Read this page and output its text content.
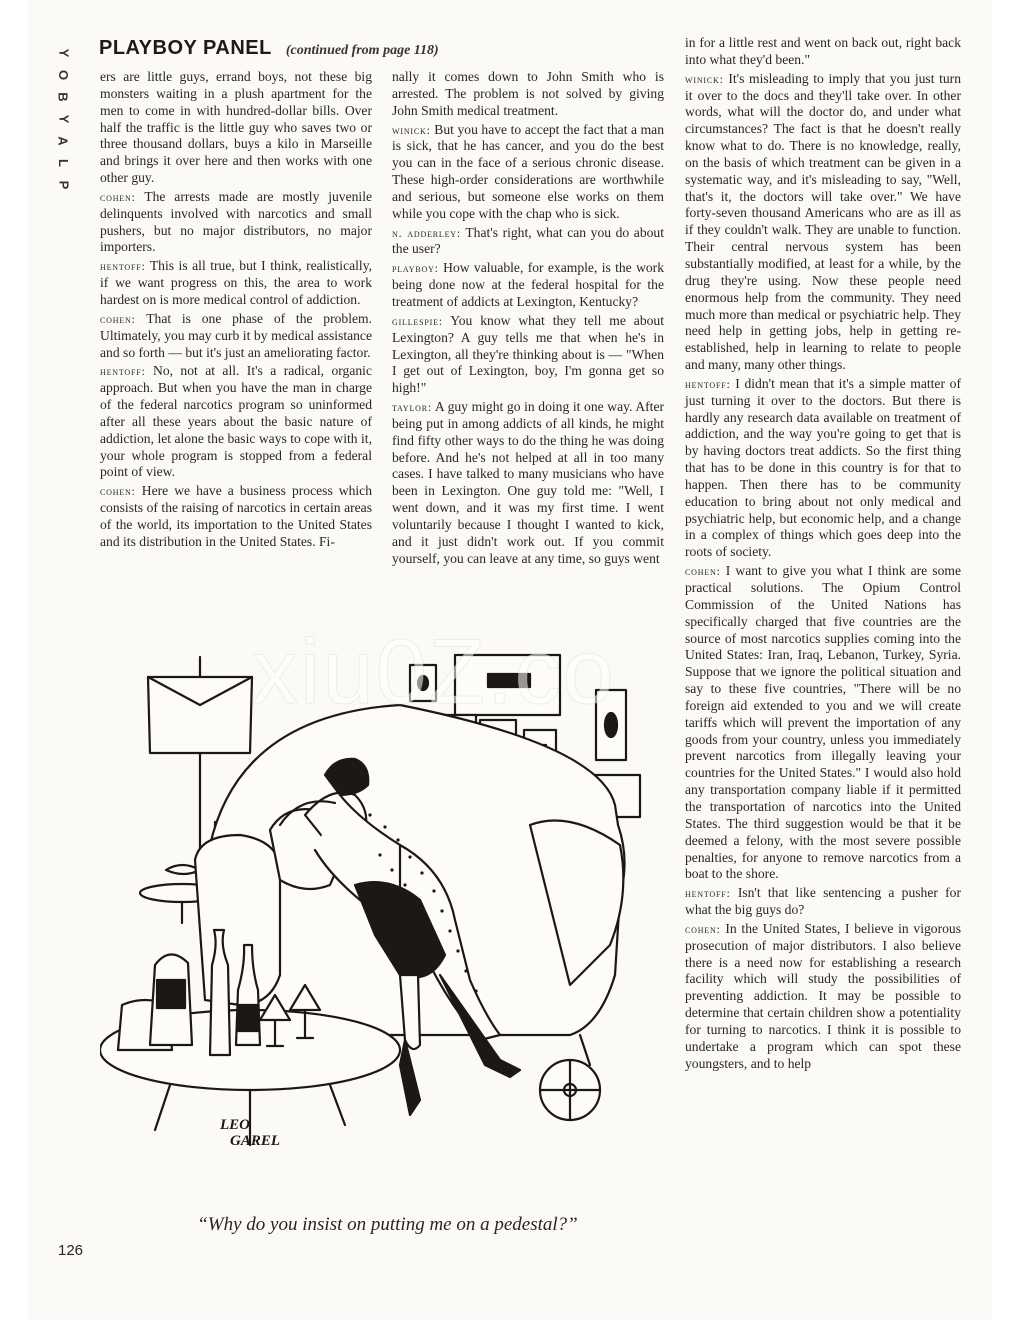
Y
O
B
Y
A
L
P
PLAYBOY PANEL (continued from page 118)

ers are little guys, errand boys, not these big monsters waiting in a plush apartment for the men to come in with hundred-dollar bills. Over half the traffic is the little guy who saves two or three thousand dollars, buys a kilo in Marseille and brings it over here and then works with one other guy.

cohen: The arrests made are mostly juvenile delinquents involved with narcotics and small pushers, but no major distributors, no major importers.

hentoff: This is all true, but I think, realistically, if we want progress on this, the area to work hardest on is more medical control of addiction.

cohen: That is one phase of the problem. Ultimately, you may curb it by medical assistance and so forth — but it's just an ameliorating factor.

hentoff: No, not at all. It's a radical, organic approach. But when you have the man in charge of the federal narcotics program so uninformed after all these years about the basic nature of addiction, let alone the basic ways to cope with it, your whole program is stopped from a federal point of view.

cohen: Here we have a business process which consists of the raising of narcotics in certain areas of the world, its importation to the United States and its distribution in the United States. Fi-

nally it comes down to John Smith who is arrested. The problem is not solved by giving John Smith medical treatment.

winick: But you have to accept the fact that a man is sick, that he has cancer, and you do the best you can in the face of a serious chronic disease. These high-order considerations are worthwhile and serious, but someone else works on them while you cope with the chap who is sick.

n. adderley: That's right, what can you do about the user?

playboy: How valuable, for example, is the work being done now at the federal hospital for the treatment of addicts at Lexington, Kentucky?

gillespie: You know what they tell me about Lexington? A guy tells me that when he's in Lexington, all they're thinking about is — "When I get out of Lexington, boy, I'm gonna get so high!"

taylor: A guy might go in doing it one way. After being put in among addicts of all kinds, he might find fifty other ways to do the thing he was doing before. And he's not helped at all in too many cases. I have talked to many musicians who have been in Lexington. One guy told me: "Well, I went down, and it was my first time. I went voluntarily because I thought I wanted to kick, and it just didn't work out. If you commit yourself, you can leave at any time, so guys went

in for a little rest and went on back out, right back into what they'd been."

winick: It's misleading to imply that you just turn it over to the docs and they'll take over. In other words, what will the doctor do, and under what circumstances? The fact is that he doesn't really know what to do. There is no knowledge, really, on the basis of which treatment can be given in a systematic way, and it's misleading to say, "Well, that's it, the doctors will take over." We have forty-seven thousand Americans who are as ill as if they couldn't walk. They are unable to function. Their central nervous system has been substantially modified, at least for a while, by the drug they're using. Now these people need enormous help from the community. They need much more than medical or psychiatric help. They need help in getting jobs, help in getting re-established, help in learning to relate to people and many, many other things.

hentoff: I didn't mean that it's a simple matter of just turning it over to the doctors. But there is hardly any research data available on treatment of addiction, and the way you're going to get that is by having doctors treat addicts. So the first thing that has to be done in this country is for that to happen. Then there has to be community education to bring about not only medical and psychiatric help, but economic help, and a change in a complex of things which goes deep into the roots of society.

cohen: I want to give you what I think are some practical solutions. The Opium Control Commission of the United Nations has specifically charged that five countries are the source of most narcotics supplies coming into the United States: Iran, Iraq, Lebanon, Turkey, Syria. Suppose that we ignore the political situation and say to these five countries, "There will be no foreign aid extended to you and we will create tariffs which will prevent the importation of any goods from your country, unless you immediately prevent narcotics from illegally leaving your countries for the United States." I would also hold any transportation company liable if it permitted the transportation of narcotics into the United States. The third suggestion would be that it be deemed a felony, with the most severe possible penalties, for anyone to remove narcotics from a boat to the shore.

hentoff: Isn't that like sentencing a pusher for what the big guys do?

cohen: In the United States, I believe in vigorous prosecution of major distributors. I also believe there is a need now for establishing a research facility which will study the possibilities of preventing addiction. It may be possible to determine that certain children show a potentiality for turning to narcotics. I think it is possible to undertake a program which can spot these youngsters, and to help

LEO
GAREL
“Why do you insist on putting me on a pedestal?”
126
xiu0Z.co
